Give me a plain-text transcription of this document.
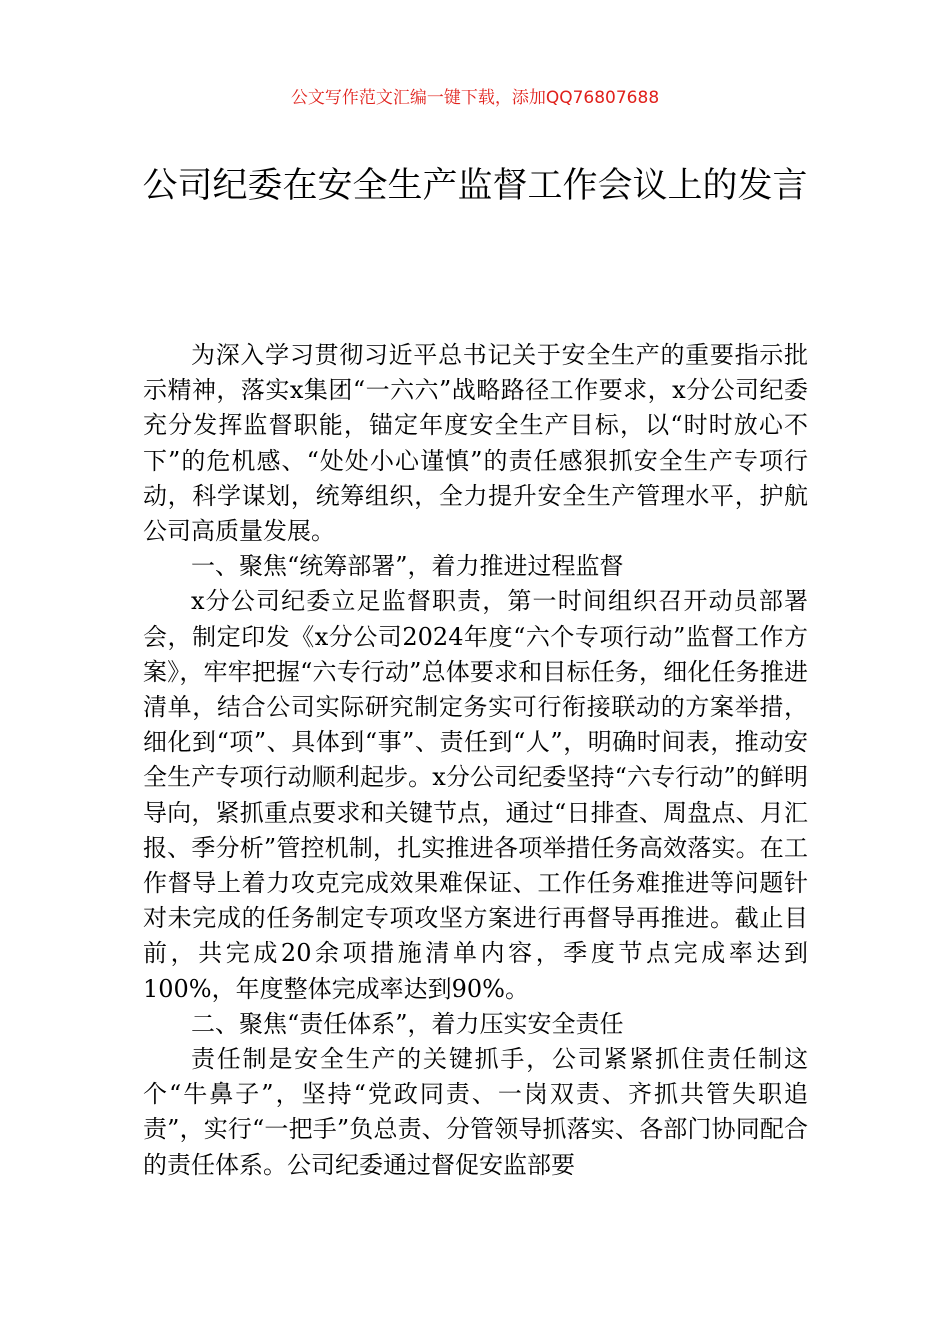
公文写作范文汇编一键下载，添加QQ76807688
公司纪委在安全生产监督工作会议上的发言

为深入学习贯彻习近平总书记关于安全生产的重要指示批示精神，落实x集团“一六六”战略路径工作要求，x分公司纪委充分发挥监督职能，锚定年度安全生产目标，以“时时放心不下”的危机感、“处处小心谨慎”的责任感狠抓安全生产专项行动，科学谋划，统筹组织，全力提升安全生产管理水平，护航公司高质量发展。

一、聚焦“统筹部署”，着力推进过程监督

x分公司纪委立足监督职责，第一时间组织召开动员部署会，制定印发《x分公司2024年度“六个专项行动”监督工作方案》，牢牢把握“六专行动”总体要求和目标任务，细化任务推进清单，结合公司实际研究制定务实可行衔接联动的方案举措，细化到“项”、具体到“事”、责任到“人”，明确时间表，推动安全生产专项行动顺利起步。x分公司纪委坚持“六专行动”的鲜明导向，紧抓重点要求和关键节点，通过“日排查、周盘点、月汇报、季分析”管控机制，扎实推进各项举措任务高效落实。在工作督导上着力攻克完成效果难保证、工作任务难推进等问题针对未完成的任务制定专项攻坚方案进行再督导再推进。截止目前，共完成20余项措施清单内容，季度节点完成率达到100%，年度整体完成率达到90%。

二、聚焦“责任体系”，着力压实安全责任

责任制是安全生产的关键抓手，公司紧紧抓住责任制这个“牛鼻子”，坚持“党政同责、一岗双责、齐抓共管失职追责”，实行“一把手”负总责、分管领导抓落实、各部门协同配合的责任体系。公司纪委通过督促安监部要
